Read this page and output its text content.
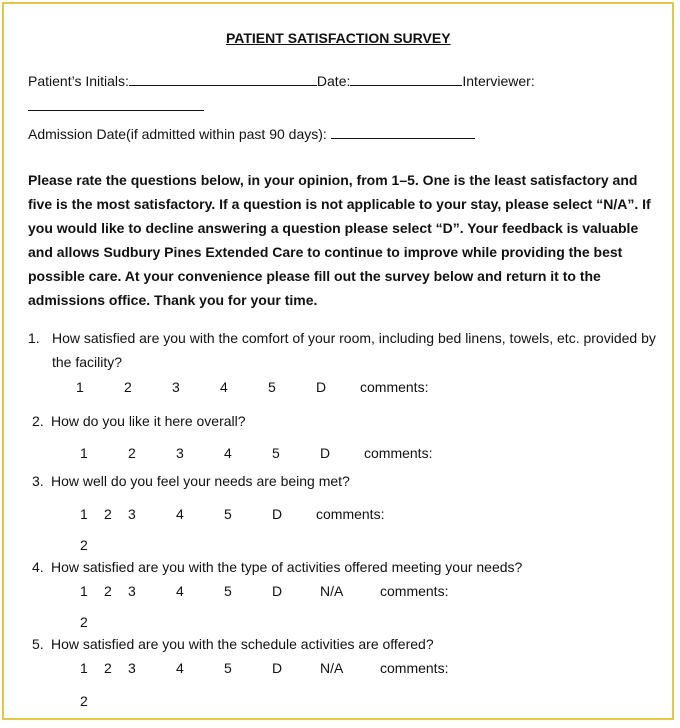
PATIENT SATISFACTION SURVEY
Patient’s Initials:	Date:	Interviewer:
Admission Date(if admitted within past 90 days):
Please rate the questions below, in your opinion, from 1–5. One is the least satisfactory and
five is the most satisfactory. If a question is not applicable to your stay, please select “N/A”. If
you would like to decline answering a question please select “D”. Your feedback is valuable
and allows Sudbury Pines Extended Care to continue to improve while providing the best
possible care. At your convenience please fill out the survey below and return it to the
admissions office. Thank you for your time.
1. How satisfied are you with the comfort of your room, including bed linens, towels, etc. provided by
the facility?
1	2	3	4	5	D comments:
2. How do you like it here overall?
1	2	3	4	5	D comments:
3. How well do you feel your needs are being met?
1 2 3	4	5	D comments:
2
4. How satisfied are you with the type of activities offered meeting your needs?
1 2 3	4	5	D	N/A	comments:
2
5. How satisfied are you with the schedule activities are offered?
1 2 3	4	5	D	N/A	comments:
2
